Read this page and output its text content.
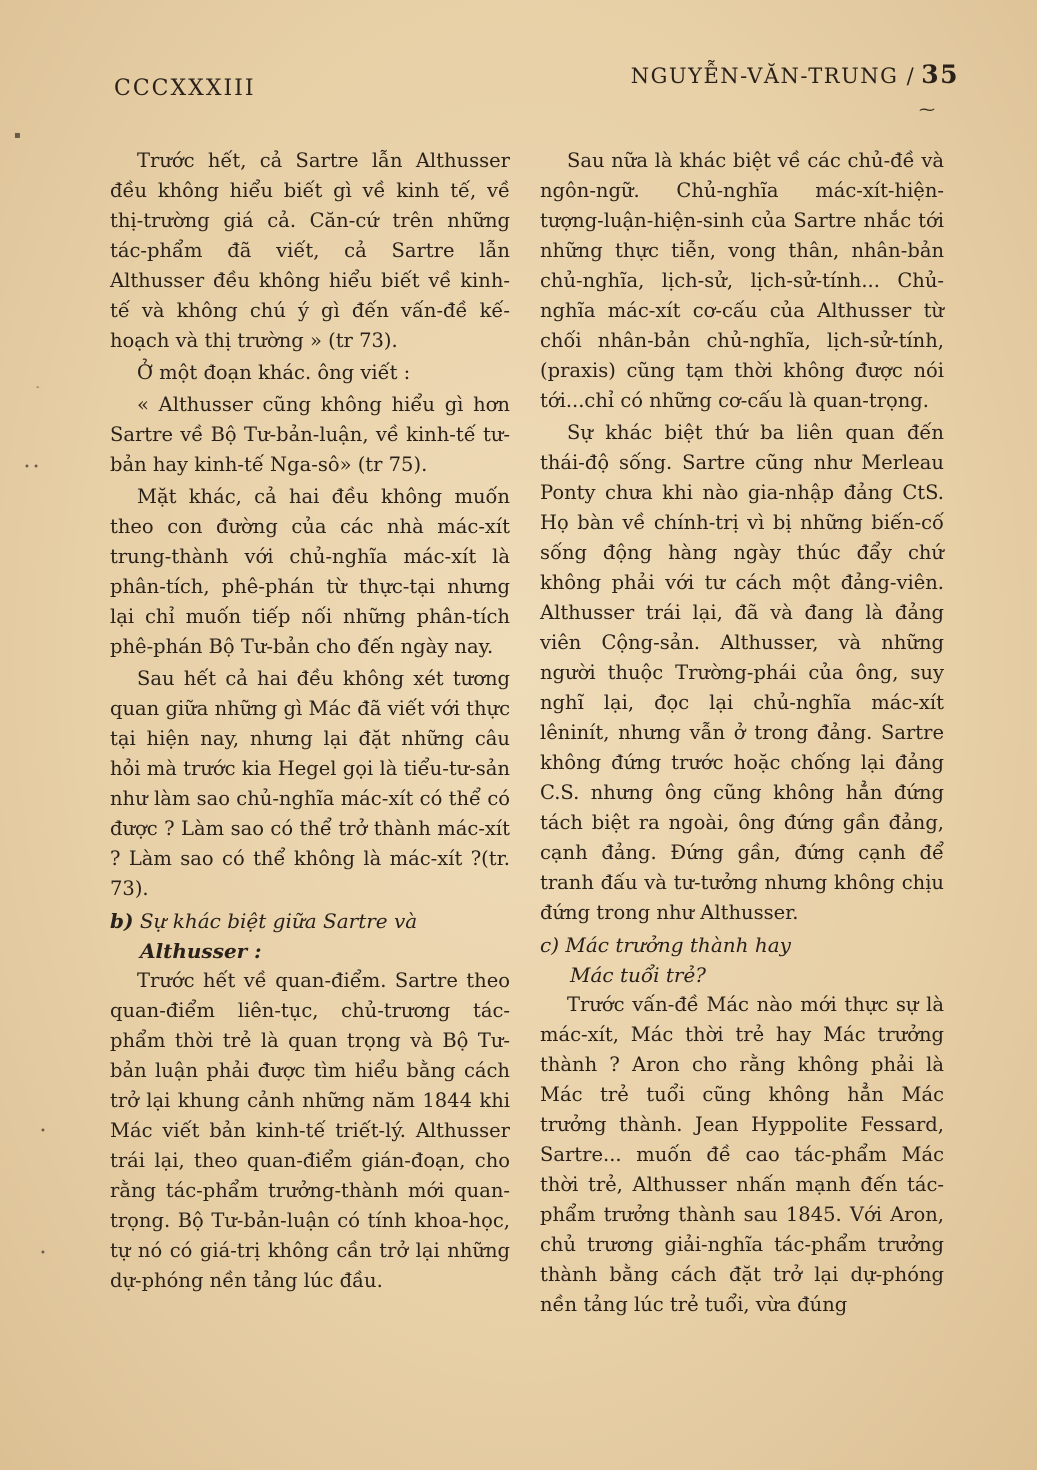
CCCXXXIII	NGUYỄN-VĂN-TRUNG / 35
⁓
▪
-
• •
•
•

Trước hết, cả Sartre lẫn Althusser đều không hiểu biết gì về kinh tế, về thị-trường giá cả. Căn-cứ trên những tác-phẩm đã viết, cả Sartre lẫn Althusser đều không hiểu biết về kinh-tế và không chú ý gì đến vấn-đề kế-hoạch và thị trường » (tr 73).

Ở một đoạn khác. ông viết :

« Althusser cũng không hiểu gì hơn Sartre về Bộ Tư-bản-luận, về kinh-tế tư-bản hay kinh-tế Nga-sô» (tr 75).

Mặt khác, cả hai đều không muốn theo con đường của các nhà mác-xít trung-thành với chủ-nghĩa mác-xít là phân-tích, phê-phán từ thực-tại nhưng lại chỉ muốn tiếp nối những phân-tích phê-phán Bộ Tư-bản cho đến ngày nay.

Sau hết cả hai đều không xét tương quan giữa những gì Mác đã viết với thực tại hiện nay, nhưng lại đặt những câu hỏi mà trước kia Hegel gọi là tiểu-tư-sản như làm sao chủ-nghĩa mác-xít có thể có được ? Làm sao có thể trở thành mác-xít ? Làm sao có thể không là mác-xít ?(tr. 73).

b) Sự khác biệt giữa Sartre và
Althusser :

Trước hết về quan-điểm. Sartre theo quan-điểm liên-tục, chủ-trương tác-phẩm thời trẻ là quan trọng và Bộ Tư-bản luận phải được tìm hiểu bằng cách trở lại khung cảnh những năm 1844 khi Mác viết bản kinh-tế triết-lý. Althusser trái lại, theo quan-điểm gián-đoạn, cho rằng tác-phẩm trưởng-thành mới quan-trọng. Bộ Tư-bản-luận có tính khoa-học, tự nó có giá-trị không cần trở lại những dự-phóng nền tảng lúc đầu.

Sau nữa là khác biệt về các chủ-đề và ngôn-ngữ. Chủ-nghĩa mác-xít-hiện-tượng-luận-hiện-sinh của Sartre nhắc tới những thực tiễn, vong thân, nhân-bản chủ-nghĩa, lịch-sử, lịch-sử-tính... Chủ-nghĩa mác-xít cơ-cấu của Althusser từ chối nhân-bản chủ-nghĩa, lịch-sử-tính, (praxis) cũng tạm thời không được nói tới...chỉ có những cơ-cấu là quan-trọng.

Sự khác biệt thứ ba liên quan đến thái-độ sống. Sartre cũng như Merleau Ponty chưa khi nào gia-nhập đảng CtS. Họ bàn về chính-trị vì bị những biến-cố sống động hàng ngày thúc đẩy chứ không phải với tư cách một đảng-viên. Althusser trái lại, đã và đang là đảng viên Cộng-sản. Althusser, và những người thuộc Trường-phái của ông, suy nghĩ lại, đọc lại chủ-nghĩa mác-xít lêninít, nhưng vẫn ở trong đảng. Sartre không đứng trước hoặc chống lại đảng C.S. nhưng ông cũng không hẳn đứng tách biệt ra ngoài, ông đứng gần đảng, cạnh đảng. Đứng gần, đứng cạnh để tranh đấu và tư-tưởng nhưng không chịu đứng trong như Althusser.

c) Mác trưởng thành hay
Mác tuổi trẻ?

Trước vấn-đề Mác nào mới thực sự là mác-xít, Mác thời trẻ hay Mác trưởng thành ? Aron cho rằng không phải là Mác trẻ tuổi cũng không hẳn Mác trưởng thành. Jean Hyppolite Fessard, Sartre... muốn đề cao tác-phẩm Mác thời trẻ, Althusser nhấn mạnh đến tác-phẩm trưởng thành sau 1845. Với Aron, chủ trương giải-nghĩa tác-phẩm trưởng thành bằng cách đặt trở lại dự-phóng nền tảng lúc trẻ tuổi, vừa đúng
